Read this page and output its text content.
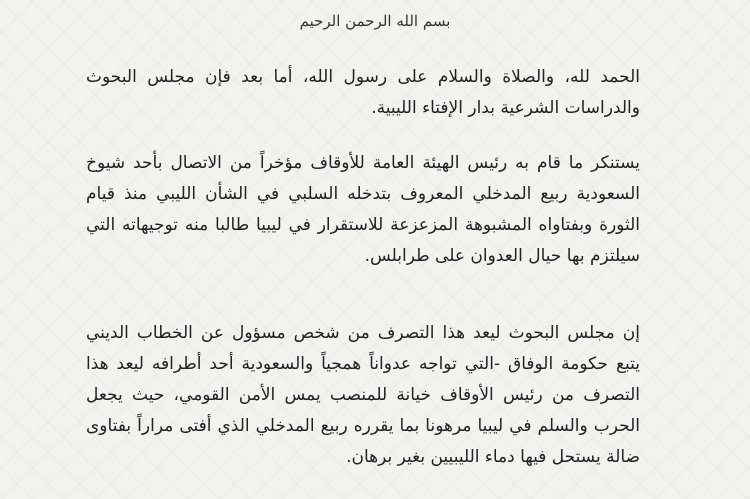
بسم الله الرحمن الرحيم
الحمد لله، والصلاة والسلام على رسول الله، أما بعد فإن مجلس البحوث والدراسات الشرعية بدار الإفتاء الليبية.
يستنكر ما قام به رئيس الهيئة العامة للأوقاف مؤخراً من الاتصال بأحد شيوخ السعودية ربيع المدخلي المعروف بتدخله السلبي في الشأن الليبي منذ قيام الثورة وبفتاواه المشبوهة المزعزعة للاستقرار في ليبيا طالبا منه توجيهاته التي سيلتزم بها حيال العدوان على طرابلس.
إن مجلس البحوث ليعد هذا التصرف من شخص مسؤول عن الخطاب الديني يتبع حكومة الوفاق -التي تواجه عدواناً همجياً والسعودية أحد أطرافه ليعد هذا التصرف من رئيس الأوقاف خيانة للمنصب يمس الأمن القومي، حيث يجعل الحرب والسلم في ليبيا مرهونا بما يقرره ربيع المدخلي الذي أفتى مراراً بفتاوى ضالة يستحل فيها دماء الليبيين بغير برهان.
